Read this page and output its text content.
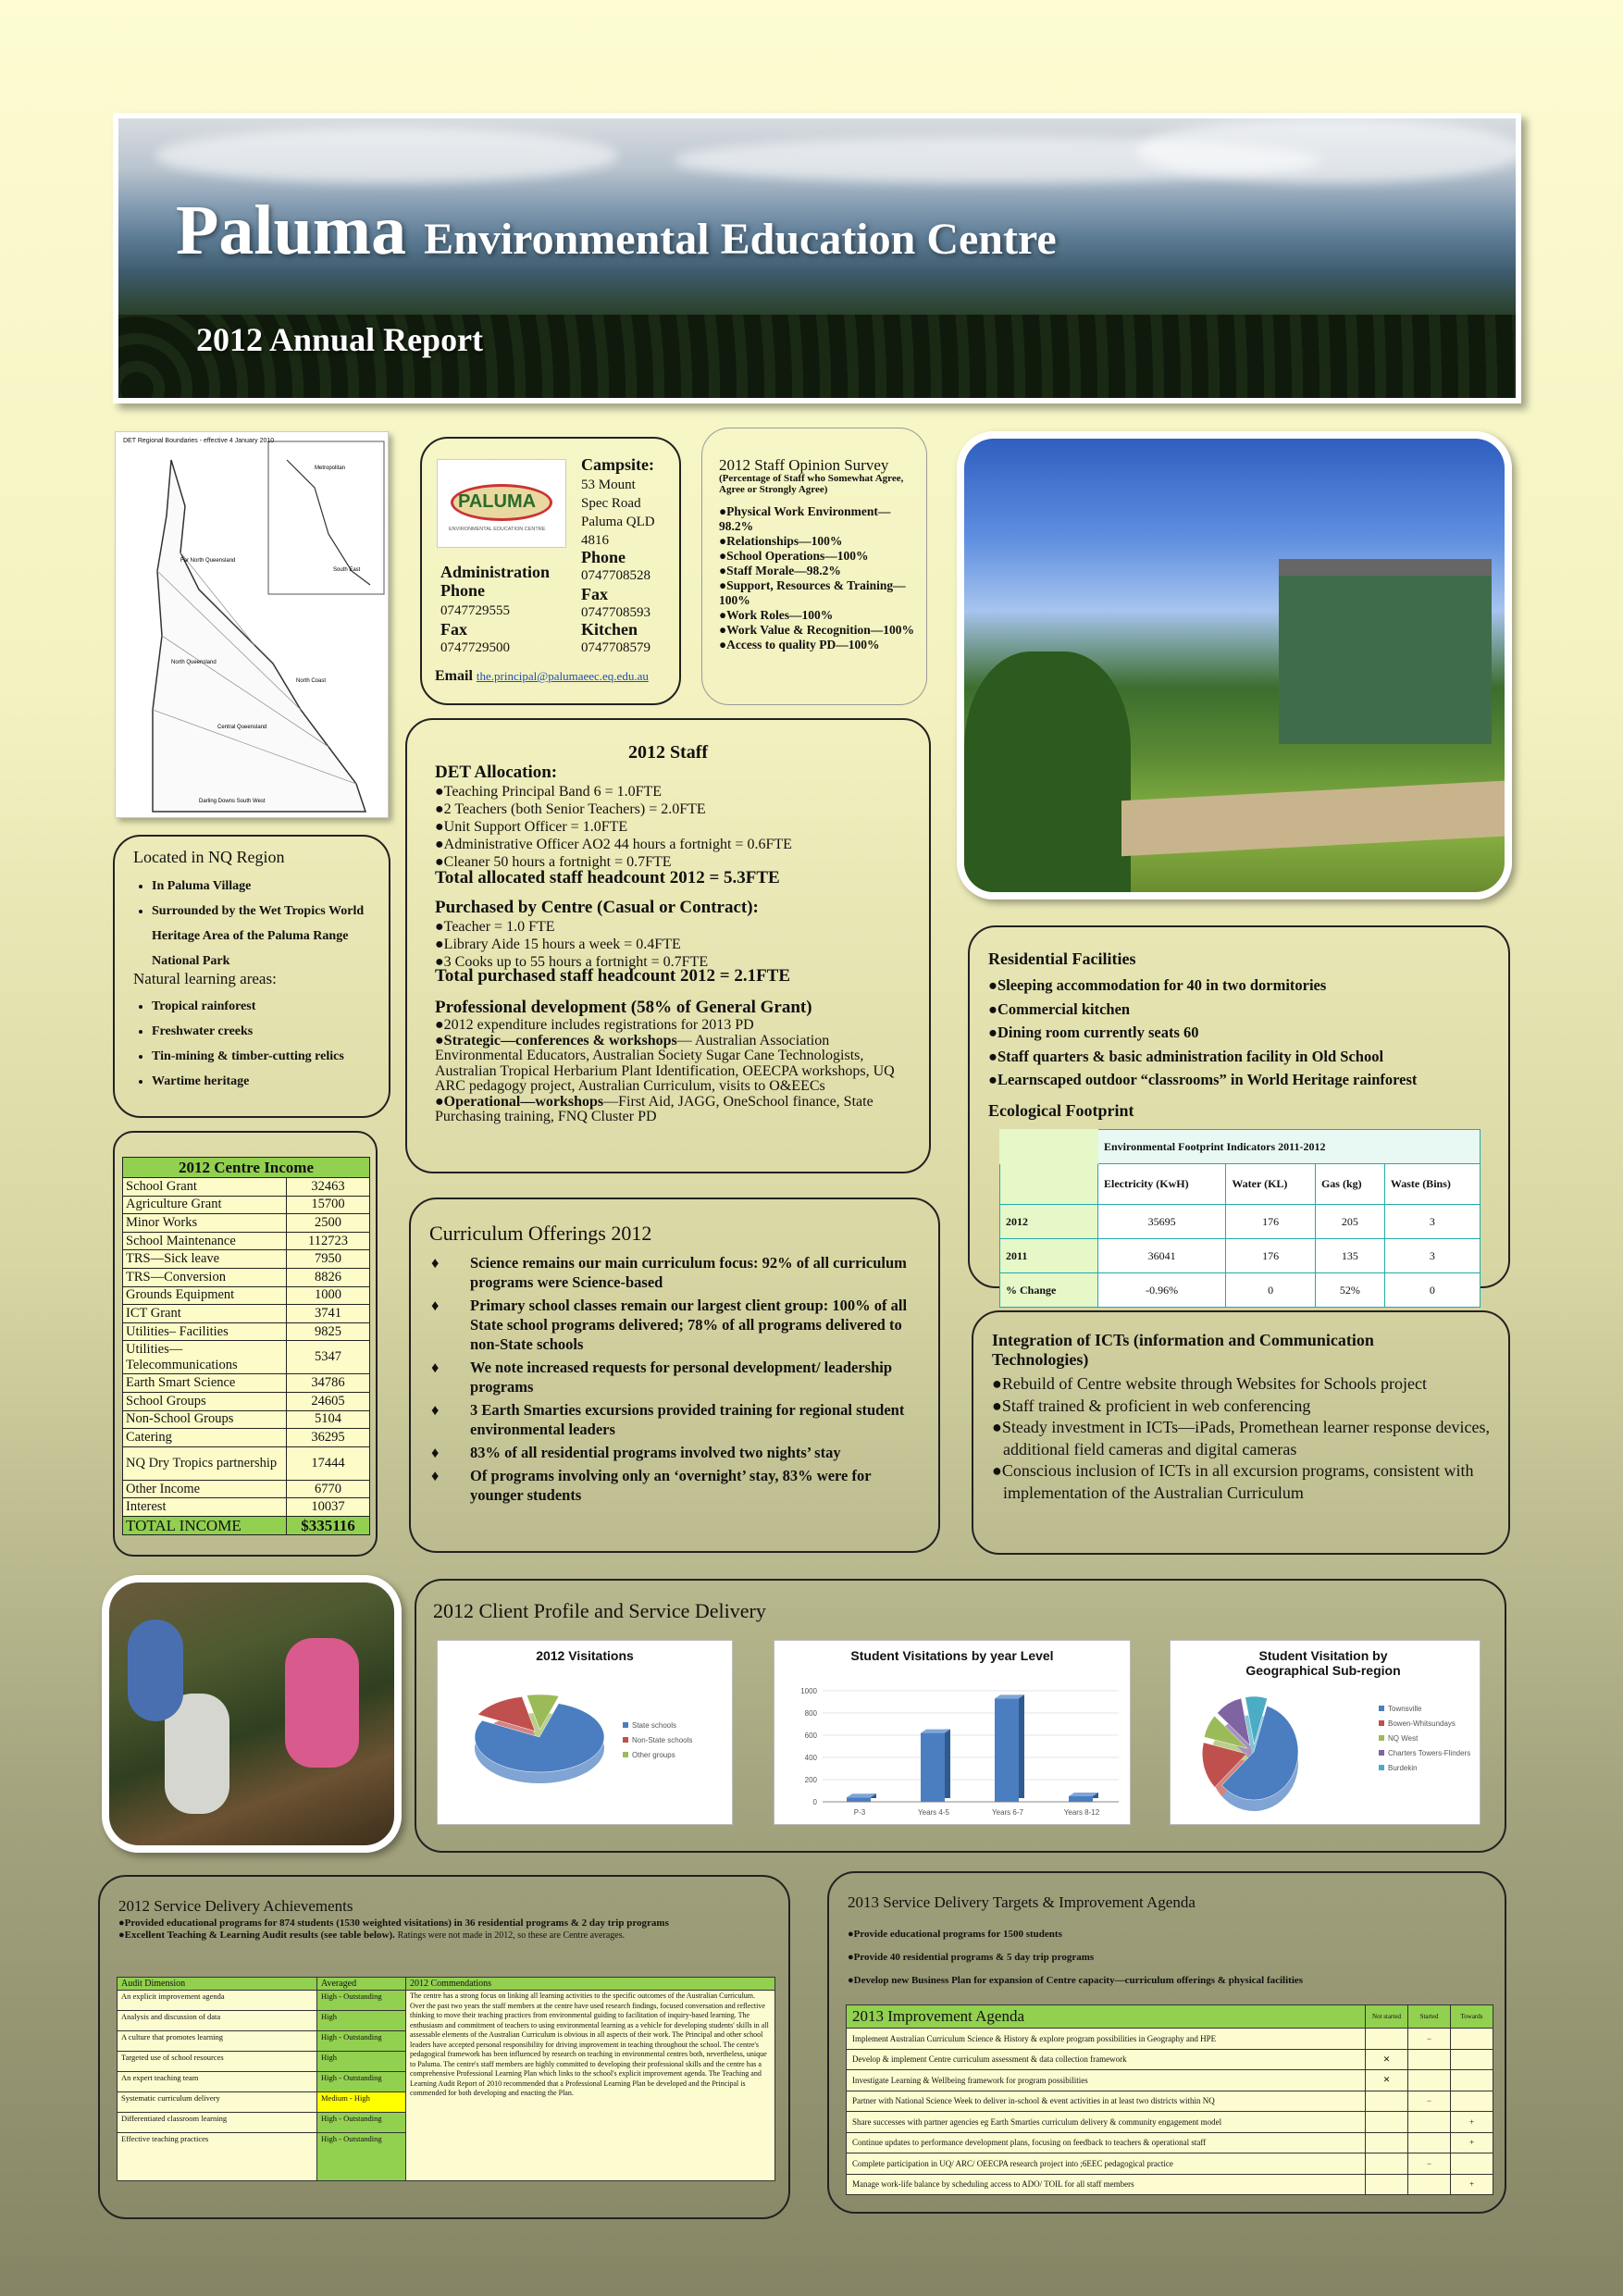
Paluma Environmental Education Centre
2012 Annual Report
DET Regional Boundaries - effective 4 January 2010
Far North Queensland
Metropolitan
South East
Darling Downs South West
Central Queensland
North Queensland
North Coast
PALUMA
ENVIRONMENTAL EDUCATION CENTRE
Administration
Phone
0747729555
Fax
0747729500
Campsite:
53 Mount
Spec Road
Paluma QLD
4816
Phone
0747708528
Fax
0747708593
Kitchen
0747708579
Email the.principal@palumaeec.eq.edu.au
2012 Staff Opinion Survey
(Percentage of Staff who Somewhat Agree, Agree or Strongly Agree)
●Physical Work Environment—98.2%
●Relationships—100%
●School Operations—100%
●Staff Morale—98.2%
●Support, Resources & Training—100%
●Work Roles—100%
●Work Value & Recognition—100%
●Access to quality PD—100%
2012 Staff
DET Allocation:
●Teaching Principal Band 6 = 1.0FTE
●2 Teachers (both Senior Teachers) = 2.0FTE
●Unit Support Officer = 1.0FTE
●Administrative Officer AO2 44 hours a fortnight = 0.6FTE
●Cleaner 50 hours a fortnight = 0.7FTE
Total allocated staff headcount 2012 = 5.3FTE
Purchased by Centre (Casual or Contract):
●Teacher = 1.0 FTE
●Library Aide 15 hours a week = 0.4FTE
●3 Cooks up to 55 hours a fortnight = 0.7FTE
Total purchased staff headcount 2012 = 2.1FTE
Professional development (58% of General Grant)
●2012 expenditure includes registrations for 2013 PD
●Strategic—conferences & workshops— Australian Association Environmental Educators, Australian Society Sugar Cane Technologists, Australian Tropical Herbarium Plant Identification, OEECPA workshops, UQ ARC pedagogy project, Australian Curriculum, visits to O&EECs
●Operational—workshops—First Aid, JAGG, OneSchool finance, State Purchasing training, FNQ Cluster PD
Located in NQ Region
• In Paluma Village
• Surrounded by the Wet Tropics World Heritage Area of the Paluma Range National Park
Natural learning areas:
• Tropical rainforest
• Freshwater creeks
• Tin-mining & timber-cutting relics
• Wartime heritage
2012 Centre Income	
School Grant	32463
Agriculture Grant	15700
Minor Works	2500
School Maintenance	112723
TRS—Sick leave	7950
TRS—Conversion	8826
Grounds Equipment	1000
ICT Grant	3741
Utilities– Facilities	9825
Utilities—Telecommunications	5347
Earth Smart Science	34786
School Groups	24605
Non-School Groups	5104
Catering	36295
NQ Dry Tropics partnership	17444
Other Income	6770
Interest	10037
TOTAL INCOME	$335116
Residential Facilities
●Sleeping accommodation for 40 in two dormitories
●Commercial kitchen
●Dining room currently seats 60
●Staff quarters & basic administration facility in Old School
●Learnscaped outdoor “classrooms” in World Heritage rainforest
Ecological Footprint
	Environmental Footprint Indicators 2011-2012			
	Electricity (KwH)	Water (KL)	Gas (kg)	Waste (Bins)
2012	35695	176	205	3
2011	36041	176	135	3
% Change	-0.96%	0	52%	0
Curriculum Offerings 2012
♦	Science remains our main curriculum focus: 92% of all curriculum programs were Science-based
♦	Primary school classes remain our largest client group: 100% of all State school programs delivered; 78% of all programs delivered to non-State schools
♦	We note increased requests for personal development/ leadership programs
♦	3 Earth Smarties excursions provided training for regional student environmental leaders
♦	83% of all residential programs involved two nights’ stay
♦	Of programs involving only an ‘overnight’ stay, 83% were for younger students
Integration of ICTs (information and Communication Technologies)
●Rebuild of Centre website through Websites for Schools project
●Staff trained & proficient in web conferencing
●Steady investment in ICTs—iPads, Promethean learner response devices, additional field cameras and digital cameras
●Conscious inclusion of ICTs in all excursion programs, consistent with implementation of the Australian Curriculum
2012 Client Profile and Service Delivery
2012 Visitations
State schools
Non-State schools
Other groups
Student Visitations by year Level
0
200
400
600
800
1000
P-3	Years 4-5	Years 6-7	Years 8-12
Student Visitation by Geographical Sub-region
Townsville
Bowen-Whitsundays
NQ West
Charters Towers-Flinders
Burdekin
2012 Service Delivery Achievements
●Provided educational programs for 874 students (1530 weighted visitations) in 36 residential programs & 2 day trip programs
●Excellent Teaching & Learning Audit results (see table below). Ratings were not made in 2012, so these are Centre averages.
Audit Dimension	Averaged	2012 Commendations
An explicit improvement agenda	High - Outstanding	The centre has a strong focus on linking all learning activities to the specific outcomes of the Australian Curriculum. Over the past two years the staff members at the centre have used research findings, focused conversation and reflective thinking to move their teaching practices from environmental guiding to facilitation of inquiry-based learning. The enthusiasm and commitment of teachers to using environmental learning as a vehicle for developing students' skills in all assessable elements of the Australian Curriculum is obvious in all aspects of their work. The Principal and other school leaders have accepted personal responsibility for driving improvement in teaching throughout the school. The centre's pedagogical framework has been influenced by research on teaching in environmental centres both, nevertheless, unique to Paluma. The centre's staff members are highly committed to developing their professional skills and the centre has a comprehensive Professional Learning Plan which links to the school's explicit improvement agenda. The Teaching and Learning Audit Report of 2010 recommended that a Professional Learning Plan be developed and the Principal is commended for both developing and enacting the Plan.
Analysis and discussion of data	High	
A culture that promotes learning	High - Outstanding	
Targeted use of school resources	High	
An expert teaching team	High - Outstanding	
Systematic curriculum delivery	Medium - High	
Differentiated classroom learning	High - Outstanding	
Effective teaching practices	High - Outstanding	
2013 Service Delivery Targets & Improvement Agenda
●Provide educational programs for 1500 students
●Provide 40 residential programs & 5 day trip programs
●Develop new Business Plan for expansion of Centre capacity—curriculum offerings & physical facilities
2013 Improvement Agenda	Not started	Started	Towards
Implement Australian Curriculum Science & History & explore program possibilities in Geography and HPE		−	
Develop & implement Centre curriculum assessment & data collection framework	✕		
Investigate Learning & Wellbeing framework for program possibilities	✕		
Partner with National Science Week to deliver in-school & event activities in at least two districts within NQ		−	
Share successes with partner agencies eg Earth Smarties curriculum delivery & community engagement model			+
Continue updates to performance development plans, focusing on feedback to teachers & operational staff			+
Complete participation in UQ/ ARC/ OEECPA research project into ;6EEC pedagogical practice		−	
Manage work-life balance by scheduling access to ADO/ TOIL for all staff members			+
